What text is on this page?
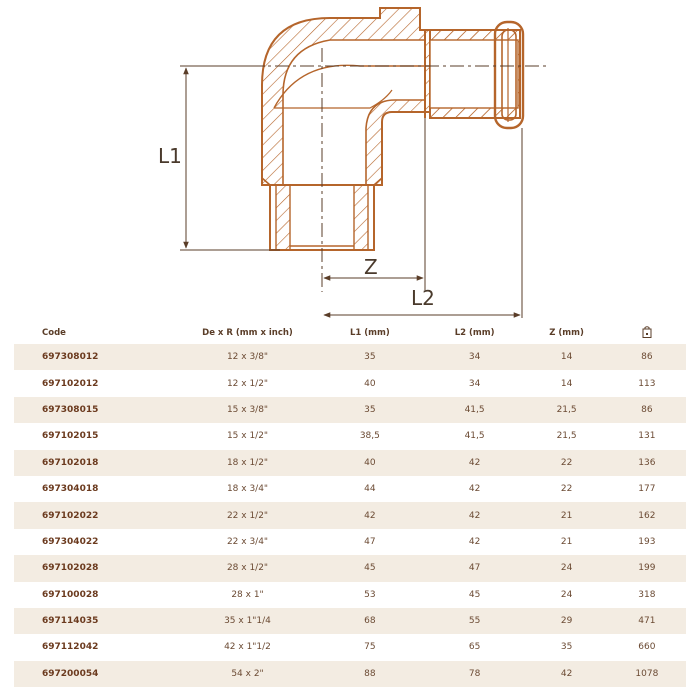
L1
Z
L2
Code	De x R (mm x inch)	L1 (mm)	L2 (mm)	Z (mm)
697308012	12 x 3/8"	35	34	14	86
697102012	12 x 1/2"	40	34	14	113
697308015	15 x 3/8"	35	41,5	21,5	86
697102015	15 x 1/2"	38,5	41,5	21,5	131
697102018	18 x 1/2"	40	42	22	136
697304018	18 x 3/4"	44	42	22	177
697102022	22 x 1/2"	42	42	21	162
697304022	22 x 3/4"	47	42	21	193
697102028	28 x 1/2"	45	47	24	199
697100028	28 x 1"	53	45	24	318
697114035	35 x 1"1/4	68	55	29	471
697112042	42 x 1"1/2	75	65	35	660
697200054	54 x 2"	88	78	42	1078
